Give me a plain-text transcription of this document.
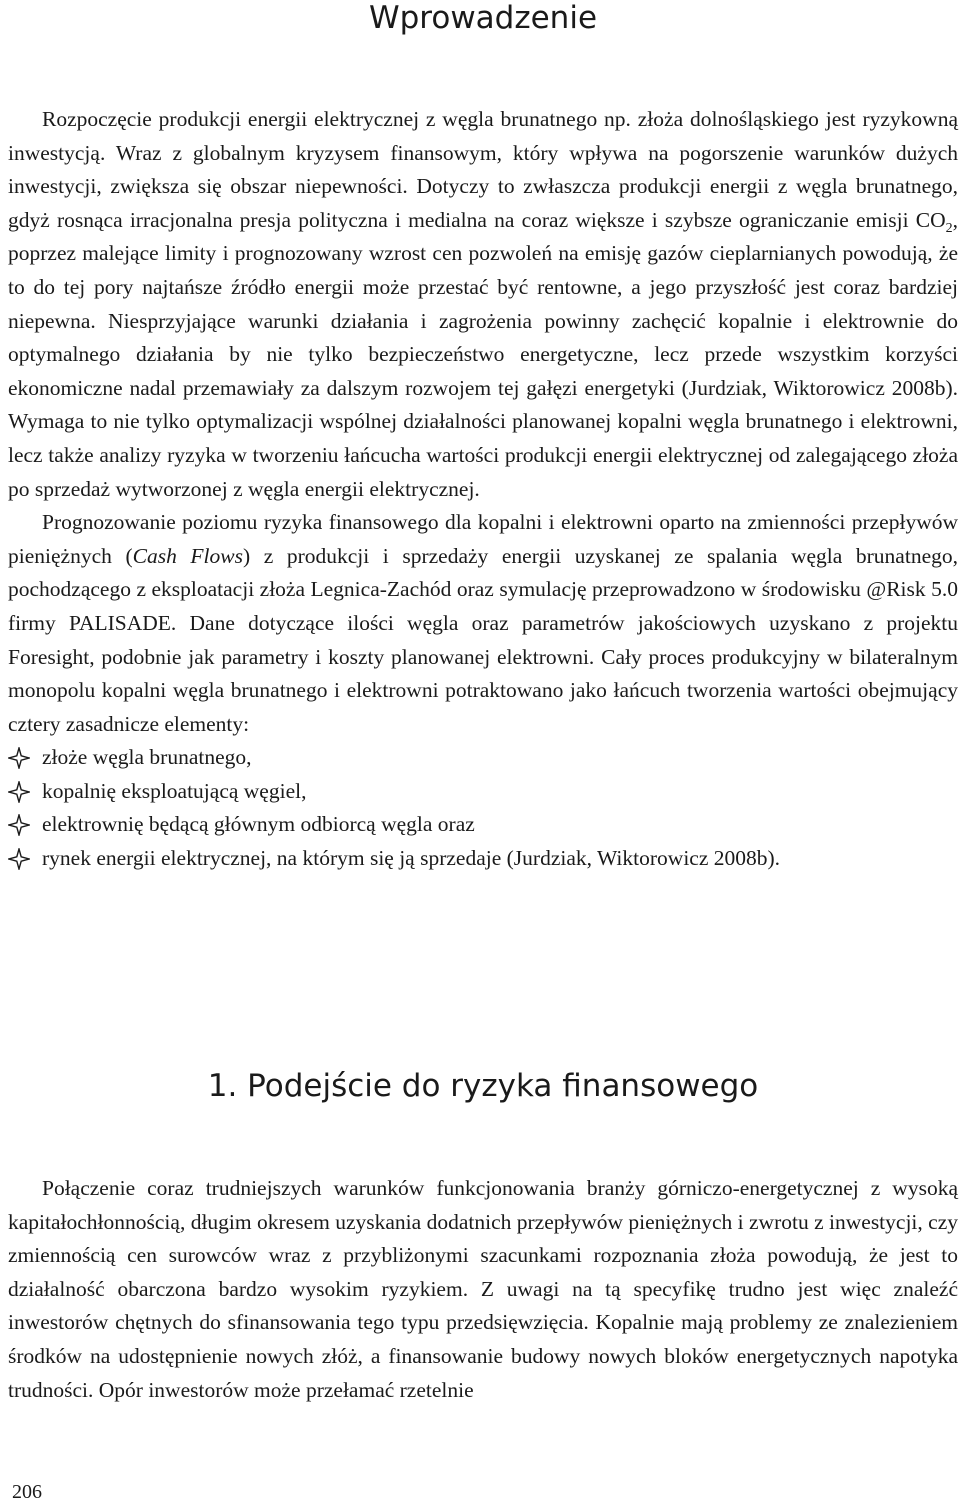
Wprowadzenie

Rozpoczęcie produkcji energii elektrycznej z węgla brunatnego np. złoża dolnośląskiego jest ryzykowną inwestycją. Wraz z globalnym kryzysem finansowym, który wpływa na pogorszenie warunków dużych inwestycji, zwiększa się obszar niepewności. Dotyczy to zwłaszcza produkcji energii z węgla brunatnego, gdyż rosnąca irracjonalna presja polityczna i medialna na coraz większe i szybsze ograniczanie emisji $CO_2$, poprzez malejące limity i prognozowany wzrost cen pozwoleń na emisję gazów cieplarnianych powodują, że to do tej pory najtańsze źródło energii może przestać być rentowne, a jego przyszłość jest coraz bardziej niepewna. Niesprzyjające warunki działania i zagrożenia powinny zachęcić kopalnie i elektrownie do optymalnego działania by nie tylko bezpieczeństwo energetyczne, lecz przede wszystkim korzyści ekonomiczne nadal przemawiały za dalszym rozwojem tej gałęzi energetyki (Jurdziak, Wiktorowicz 2008b). Wymaga to nie tylko optymalizacji wspólnej działalności planowanej kopalni węgla brunatnego i elektrowni, lecz także analizy ryzyka w tworzeniu łańcucha wartości produkcji energii elektrycznej od zalegającego złoża po sprzedaż wytworzonej z węgla energii elektrycznej.

Prognozowanie poziomu ryzyka finansowego dla kopalni i elektrowni oparto na zmienności przepływów pieniężnych (Cash Flows) z produkcji i sprzedaży energii uzyskanej ze spalania węgla brunatnego, pochodzącego z eksploatacji złoża Legnica-Zachód oraz symulację przeprowadzono w środowisku @Risk 5.0 firmy PALISADE. Dane dotyczące ilości węgla oraz parametrów jakościowych uzyskano z projektu Foresight, podobnie jak parametry i koszty planowanej elektrowni. Cały proces produkcyjny w bilateralnym monopolu kopalni węgla brunatnego i elektrowni potraktowano jako łańcuch tworzenia wartości obejmujący cztery zasadnicze elementy:

złoże węgla brunatnego,
kopalnię eksploatującą węgiel,
elektrownię będącą głównym odbiorcą węgla oraz
rynek energii elektrycznej, na którym się ją sprzedaje (Jurdziak, Wiktorowicz 2008b).
1. Podejście do ryzyka finansowego

Połączenie coraz trudniejszych warunków funkcjonowania branży górniczo-energetycznej z wysoką kapitałochłonnością, długim okresem uzyskania dodatnich przepływów pieniężnych i zwrotu z inwestycji, czy zmiennością cen surowców wraz z przybliżonymi szacunkami rozpoznania złoża powodują, że jest to działalność obarczona bardzo wysokim ryzykiem. Z uwagi na tą specyfikę trudno jest więc znaleźć inwestorów chętnych do sfinansowania tego typu przedsięwzięcia. Kopalnie mają problemy ze znalezieniem środków na udostępnienie nowych złóż, a finansowanie budowy nowych bloków energetycznych napotyka trudności. Opór inwestorów może przełamać rzetelnie

206
